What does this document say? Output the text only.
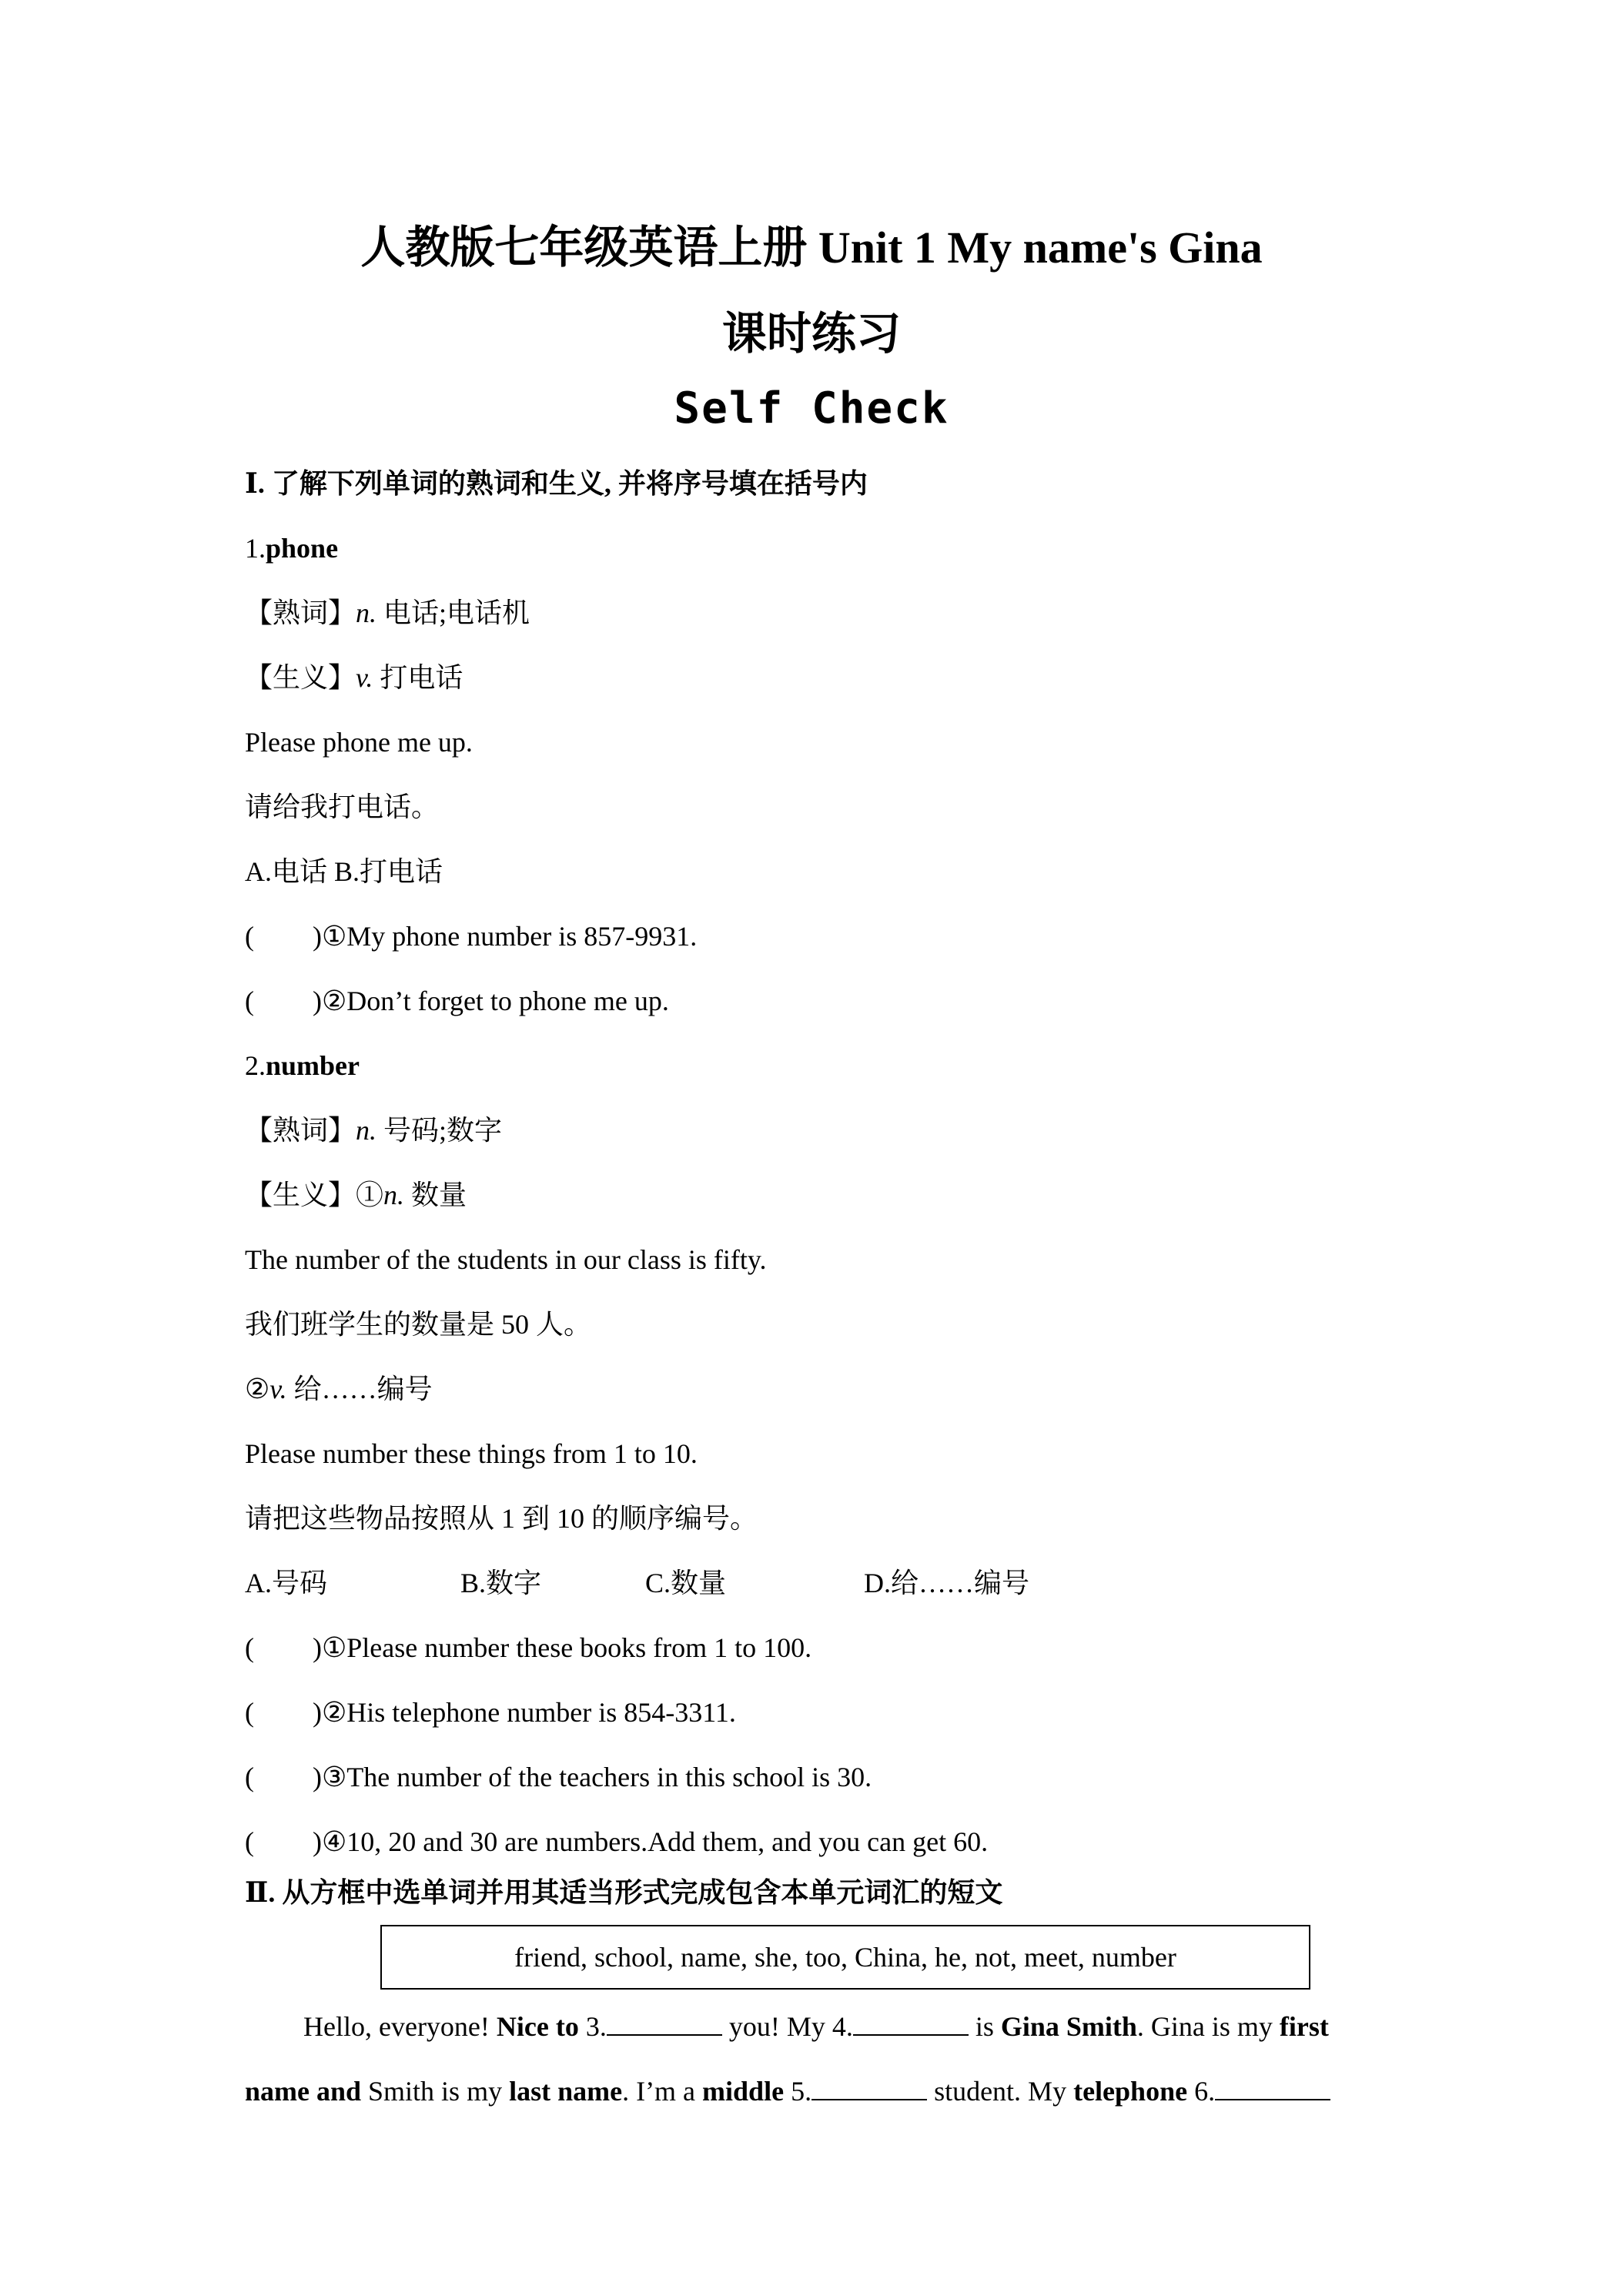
人教版七年级英语上册 Unit 1 My name's Gina
课时练习
Self Check
Ⅰ. 了解下列单词的熟词和生义, 并将序号填在括号内
1.phone
【熟词】n. 电话;电话机
【生义】v. 打电话
Please phone me up.
请给我打电话。
A.电话 B.打电话
( )①My phone number is 857-9931.
( )②Don’t forget to phone me up.
2.number
【熟词】n. 号码;数字
【生义】①n. 数量
The number of the students in our class is fifty.
我们班学生的数量是 50 人。
②v. 给……编号
Please number these things from 1 to 10.
请把这些物品按照从 1 到 10 的顺序编号。
A.号码	B.数字	C.数量	D.给……编号
( )①Please number these books from 1 to 100.
( )②His telephone number is 854-3311.
( )③The number of the teachers in this school is 30.
( )④10, 20 and 30 are numbers.Add them, and you can get 60.
Ⅱ. 从方框中选单词并用其适当形式完成包含本单元词汇的短文
friend, school, name, she, too, China, he, not, meet, number
Hello, everyone! Nice to 3.	you! My 4.	is Gina Smith. Gina is my first
name and Smith is my last name. I’m a middle 5.	student. My telephone 6.
